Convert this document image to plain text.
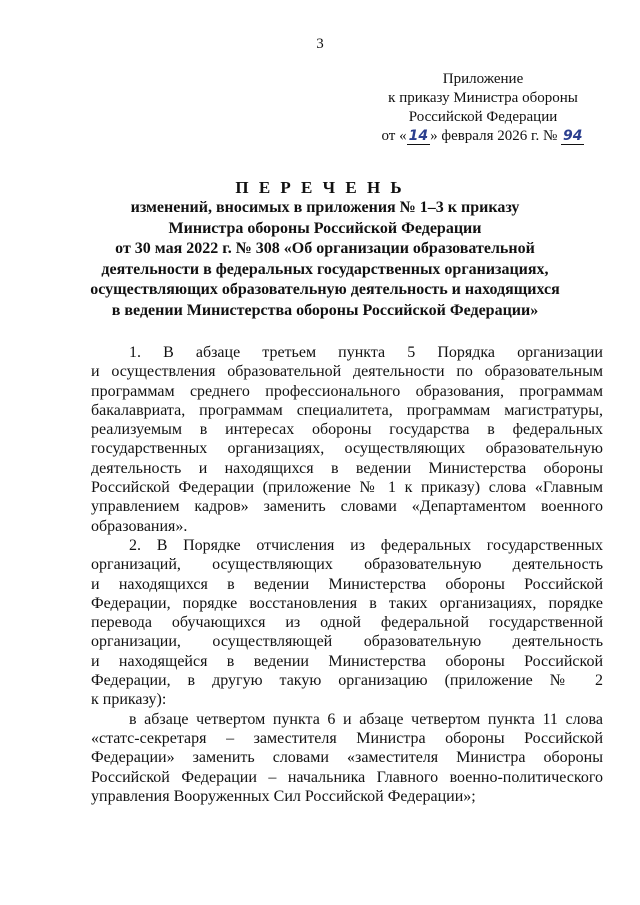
3
Приложение
к приказу Министра обороны
Российской Федерации
от « 14 » февраля 2026 г. № 94
П Е Р Е Ч Е Н Ь
изменений, вносимых в приложения № 1–3 к приказу
Министра обороны Российской Федерации
от 30 мая 2022 г. № 308 «Об организации образовательной
деятельности в федеральных государственных организациях,
осуществляющих образовательную деятельность и находящихся
в ведении Министерства обороны Российской Федерации»
1. В абзаце третьем пункта 5 Порядка организации
и осуществления образовательной деятельности по образовательным
программам среднего профессионального образования, программам
бакалавриата, программам специалитета, программам магистратуры,
реализуемым в интересах обороны государства в федеральных
государственных организациях, осуществляющих образовательную
деятельность и находящихся в ведении Министерства обороны
Российской Федерации (приложение № 1 к приказу) слова «Главным
управлением кадров» заменить словами «Департаментом военного
образования».
2. В Порядке отчисления из федеральных государственных
организаций, осуществляющих образовательную деятельность
и находящихся в ведении Министерства обороны Российской
Федерации, порядке восстановления в таких организациях, порядке
перевода обучающихся из одной федеральной государственной
организации, осуществляющей образовательную деятельность
и находящейся в ведении Министерства обороны Российской
Федерации, в другую такую организацию (приложение № 2
к приказу):
в абзаце четвертом пункта 6 и абзаце четвертом пункта 11 слова
«статс-секретаря – заместителя Министра обороны Российской
Федерации» заменить словами «заместителя Министра обороны
Российской Федерации – начальника Главного военно-политического
управления Вооруженных Сил Российской Федерации»;
